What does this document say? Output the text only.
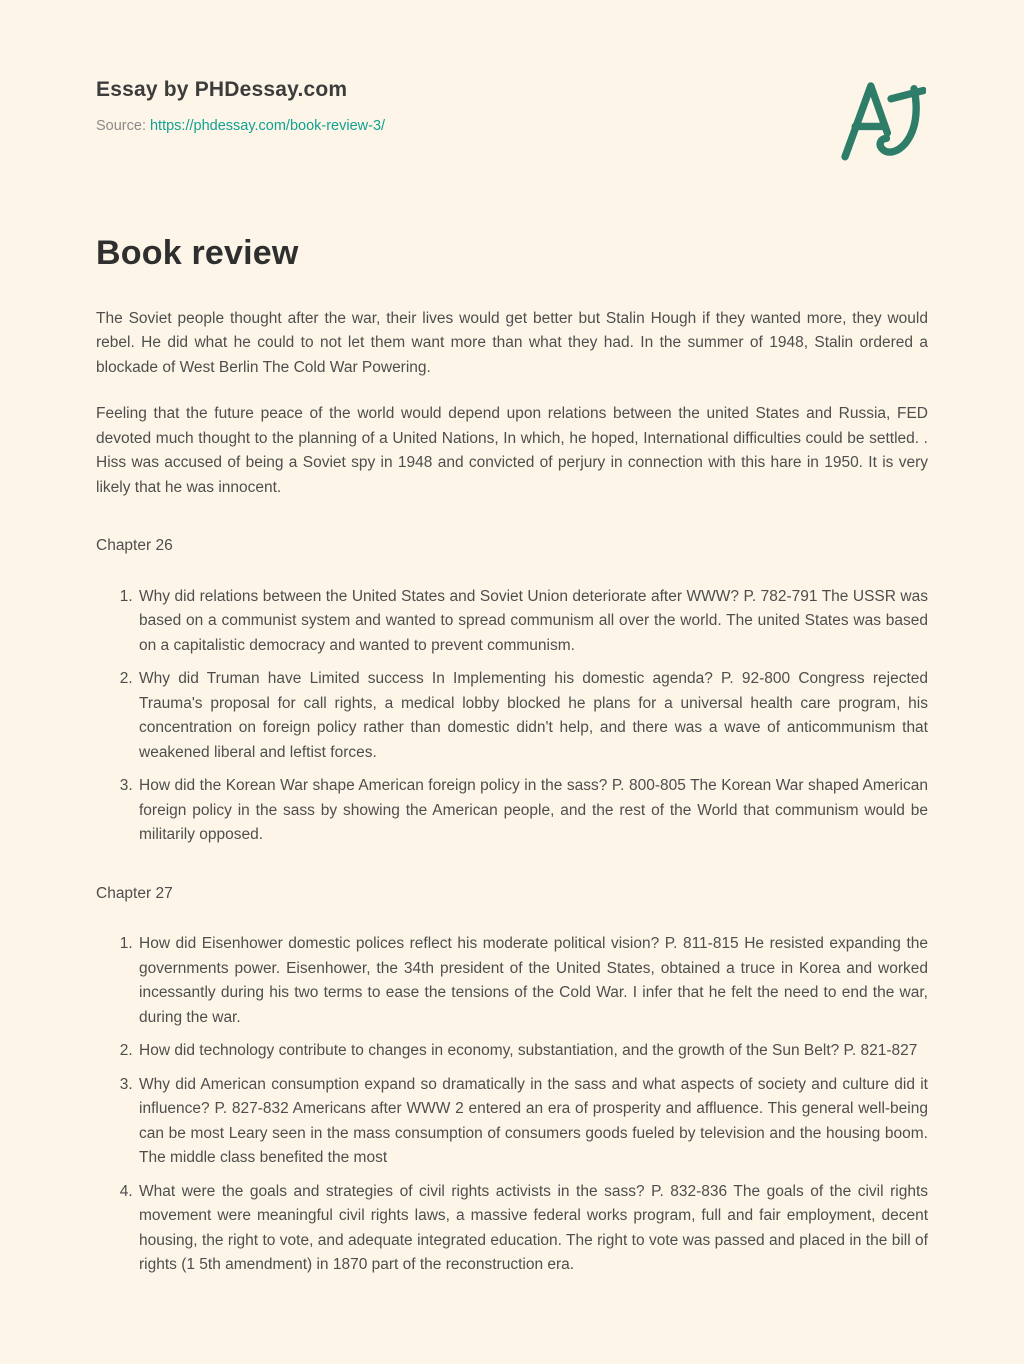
Essay by PHDessay.com
Source: https://phdessay.com/book-review-3/
Book review

The Soviet people thought after the war, their lives would get better but Stalin Hough if they wanted more, they would rebel. He did what he could to not let them want more than what they had. In the summer of 1948, Stalin ordered a blockade of West Berlin The Cold War Powering.

Feeling that the future peace of the world would depend upon relations between the united States and Russia, FED devoted much thought to the planning of a United Nations, In which, he hoped, International difficulties could be settled. . Hiss was accused of being a Soviet spy in 1948 and convicted of perjury in connection with this hare in 1950. It is very likely that he was innocent.

Chapter 26

1. Why did relations between the United States and Soviet Union deteriorate after WWW? P. 782-791 The USSR was based on a communist system and wanted to spread communism all over the world. The united States was based on a capitalistic democracy and wanted to prevent communism.
2. Why did Truman have Limited success In Implementing his domestic agenda? P. 92-800 Congress rejected Trauma's proposal for call rights, a medical lobby blocked he plans for a universal health care program, his concentration on foreign policy rather than domestic didn't help, and there was a wave of anticommunism that weakened liberal and leftist forces.
3. How did the Korean War shape American foreign policy in the sass? P. 800-805 The Korean War shaped American foreign policy in the sass by showing the American people, and the rest of the World that communism would be militarily opposed.

Chapter 27

1. How did Eisenhower domestic polices reflect his moderate political vision? P. 811-815 He resisted expanding the governments power. Eisenhower, the 34th president of the United States, obtained a truce in Korea and worked incessantly during his two terms to ease the tensions of the Cold War. I infer that he felt the need to end the war, during the war.
2. How did technology contribute to changes in economy, substantiation, and the growth of the Sun Belt? P. 821-827
3. Why did American consumption expand so dramatically in the sass and what aspects of society and culture did it influence? P. 827-832 Americans after WWW 2 entered an era of prosperity and affluence. This general well-being can be most Leary seen in the mass consumption of consumers goods fueled by television and the housing boom. The middle class benefited the most
4. What were the goals and strategies of civil rights activists in the sass? P. 832-836 The goals of the civil rights movement were meaningful civil rights laws, a massive federal works program, full and fair employment, decent housing, the right to vote, and adequate integrated education. The right to vote was passed and placed in the bill of rights (1 5th amendment) in 1870 part of the reconstruction era.
